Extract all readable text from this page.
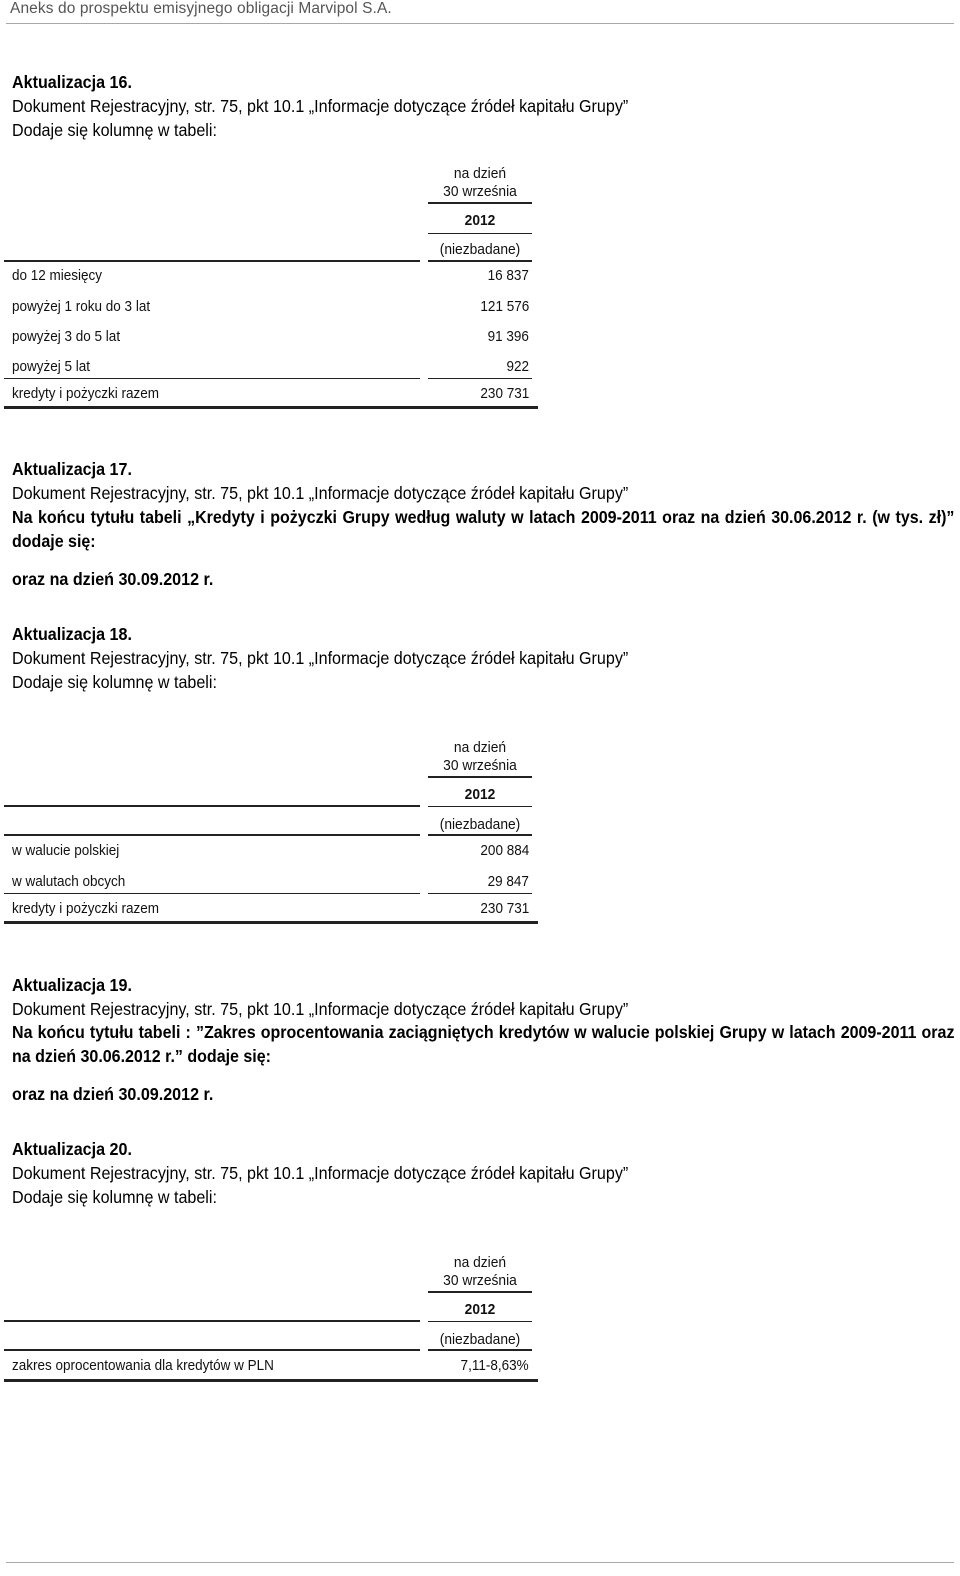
Aneks do prospektu emisyjnego obligacji Marvipol S.A.
Aktualizacja 16.
Dokument Rejestracyjny, str. 75, pkt 10.1 „Informacje dotyczące źródeł kapitału Grupy”
Dodaje się kolumnę w tabeli:
na dzień
30 września
2012
(niezbadane)
do 12 miesięcy	16 837
powyżej 1 roku do 3 lat	121 576
powyżej 3 do 5 lat	91 396
powyżej 5 lat	922
kredyty i pożyczki razem	230 731
Aktualizacja 17.
Dokument Rejestracyjny, str. 75, pkt 10.1 „Informacje dotyczące źródeł kapitału Grupy”
Na końcu tytułu tabeli „Kredyty i pożyczki Grupy według waluty w latach 2009-2011 oraz na dzień 30.06.2012 r. (w tys. zł)” dodaje się:
oraz na dzień 30.09.2012 r.
Aktualizacja 18.
Dokument Rejestracyjny, str. 75, pkt 10.1 „Informacje dotyczące źródeł kapitału Grupy”
Dodaje się kolumnę w tabeli:
na dzień
30 września
2012
(niezbadane)
w walucie polskiej	200 884
w walutach obcych	29 847
kredyty i pożyczki razem	230 731
Aktualizacja 19.
Dokument Rejestracyjny, str. 75, pkt 10.1 „Informacje dotyczące źródeł kapitału Grupy”
Na końcu tytułu tabeli : ”Zakres oprocentowania zaciągniętych kredytów w walucie polskiej Grupy w latach 2009-2011 oraz na dzień 30.06.2012 r.” dodaje się:
oraz na dzień 30.09.2012 r.
Aktualizacja 20.
Dokument Rejestracyjny, str. 75, pkt 10.1 „Informacje dotyczące źródeł kapitału Grupy”
Dodaje się kolumnę w tabeli:
na dzień
30 września
2012
(niezbadane)
zakres oprocentowania dla kredytów w PLN	7,11-8,63%
